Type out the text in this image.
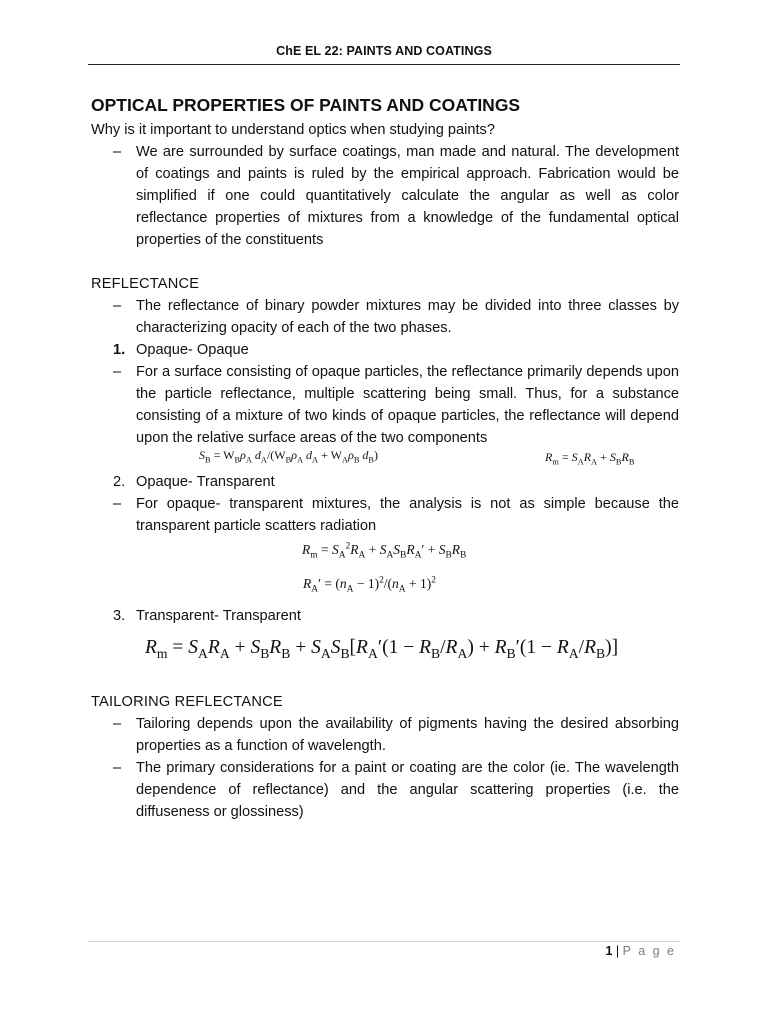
ChE EL 22: PAINTS AND COATINGS
OPTICAL PROPERTIES OF PAINTS AND COATINGS

Why is it important to understand optics when studying paints?

– We are surrounded by surface coatings, man made and natural. The development of coatings and paints is ruled by the empirical approach. Fabrication would be simplified if one could quantitatively calculate the angular as well as color reflectance properties of mixtures from a knowledge of the fundamental optical properties of the constituents

REFLECTANCE

– The reflectance of binary powder mixtures may be divided into three classes by characterizing opacity of each of the two phases.
1. Opaque- Opaque
– For a surface consisting of opaque particles, the reflectance primarily depends upon the particle reflectance, multiple scattering being small. Thus, for a substance consisting of a mixture of two kinds of opaque particles, the reflectance will depend upon the relative surface areas of the two components
$S_B = W_B\rho_A$ $d_A/(W_B\rho_A$ $d_A + W_A\rho_B$ $d_B$)	$R_m = S_AR_A + S_BR_B$
2. Opaque- Transparent
– For opaque- transparent mixtures, the analysis is not as simple because the transparent particle scatters radiation
$R_m = S_A^2R_A + S_AS_BR_A' + S_BR_B$
$R_A' = (n_A - 1)^2/(n_A + 1)^2$
3. Transparent- Transparent
$R_m = S_AR_A + S_BR_B + S_AS_B[R_A'(1 - R_B/R_A) + R_B'(1 - R_A/R_B)]$

TAILORING REFLECTANCE

– Tailoring depends upon the availability of pigments having the desired absorbing properties as a function of wavelength.
– The primary considerations for a paint or coating are the color (ie. The wavelength dependence of reflectance) and the angular scattering properties (i.e. the diffuseness or glossiness)
1 | P a g e
